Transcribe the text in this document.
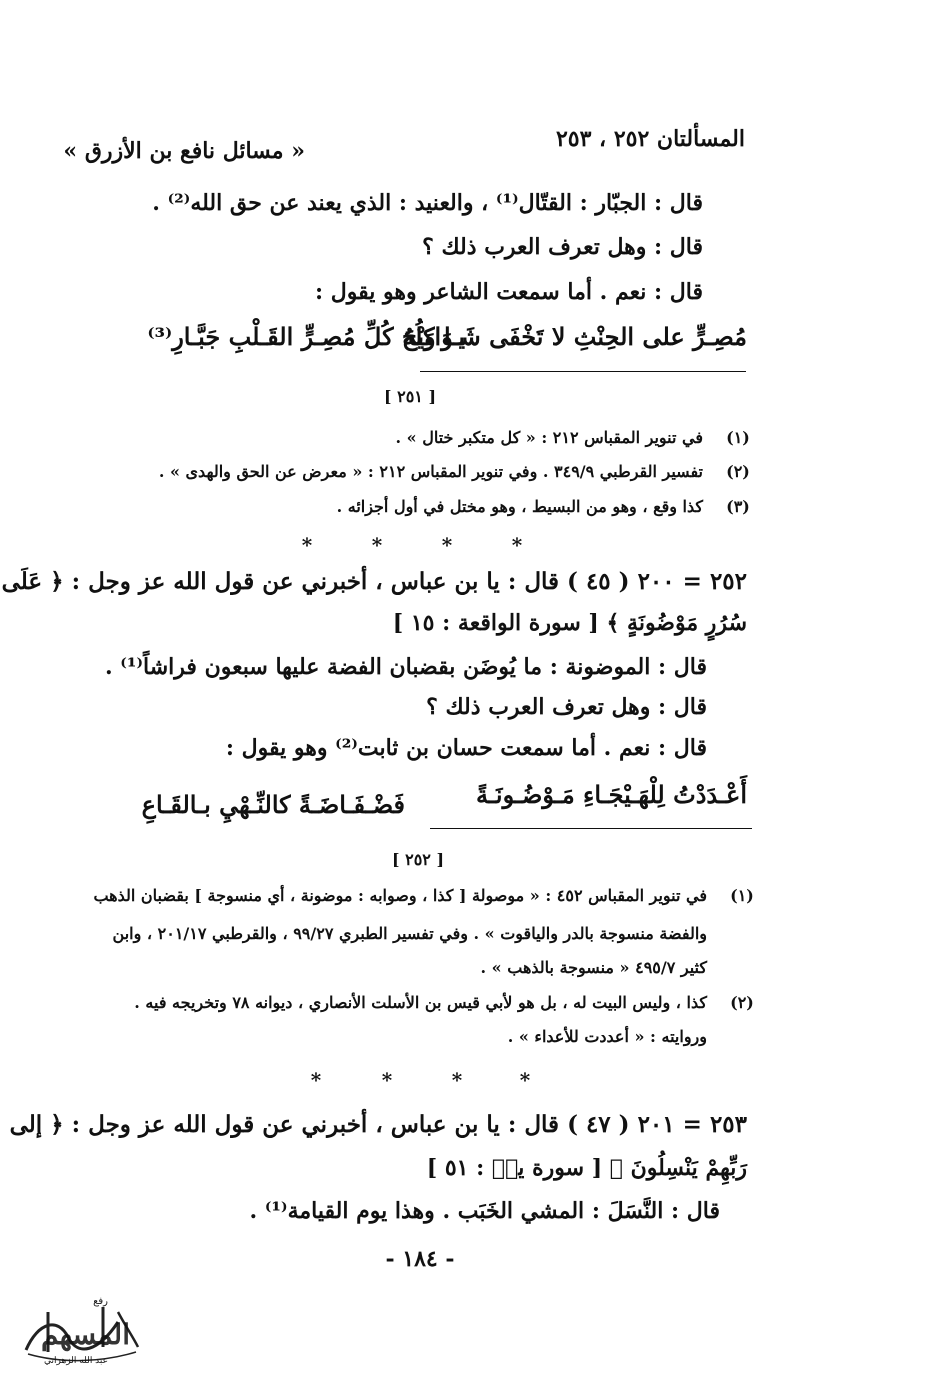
« مسائل نافع بن الأزرق »	المسألتان ٢٥٢ ، ٢٥٣
قال : الجبّار : القتّال⁽¹⁾ ، والعنيد : الذي يعند عن حق الله⁽²⁾ .
قال : وهل تعرف العرب ذلك ؟
قال : نعم . أما سمعت الشاعر وهو يقول :
يـا وَيْحَ كُلِّ مُصِـرٍّ القَـلْبِ جَبَّـارِ⁽³⁾
مُصِـرٍّ على الحِنْثِ لا تَخْفَى شَـوَاكِلُهُ
[ ٢٥١ ]
(١)
في تنوير المقباس ٢١٢ : « كل متكبر ختال » .
(٢)
تفسير القرطبي ٣٤٩/٩ . وفي تنوير المقباس ٢١٢ : « معرض عن الحق والهدى » .
(٣)
كذا وقع ، وهو من البسيط ، وهو مختل في أول أجزائه .
*	*	*	*
٢٥٢ = ٢٠٠ ( ٤٥ ) قال : يا بن عباس ، أخبرني عن قول الله عز وجل : ﴿ عَلَى
سُرُرٍ مَوْضُونَةٍ ﴾ [ سورة الواقعة : ١٥ ]
قال : الموضونة : ما يُوضَن بقضبان الفضة عليها سبعون فراشاً⁽¹⁾ .
قال : وهل تعرف العرب ذلك ؟
قال : نعم . أما سمعت حسان بن ثابت⁽²⁾ وهو يقول :
أَعْـدَدْتُ لِلْهَـيْجَـاءِ مَـوْضُـونَـةً
فَضْـفَـاضَـةً كالنِّـهْيِ بـالقَـاعِ
[ ٢٥٢ ]
(١)
في تنوير المقباس ٤٥٢ : « موصولة [ كذا ، وصوابه : موضونة ، أي منسوجة ] بقضبان الذهب
والفضة منسوجة بالدر والياقوت » . وفي تفسير الطبري ٩٩/٢٧ ، والقرطبي ٢٠١/١٧ ، وابن
كثير ٤٩٥/٧ « منسوجة بالذهب » .
(٢)
كذا ، وليس البيت له ، بل هو لأبي قيس بن الأسلت الأنصاري ، ديوانه ٧٨ وتخريجه فيه .
وروايته : « أعددت للأعداء » .
*	*	*	*
٢٥٣ = ٢٠١ ( ٤٧ ) قال : يا بن عباس ، أخبرني عن قول الله عز وجل : ﴿ إلى
رَبِّهِمْ يَنْسِلُونَ ﴾ [ سورة يسۤ : ٥١ ]
قال : النَّسَلَ : المشي الخَبَب . وهذا يوم القيامة⁽¹⁾ .
- ١٨٤ -
رفع
المسهم
عبد الله الزهراني
